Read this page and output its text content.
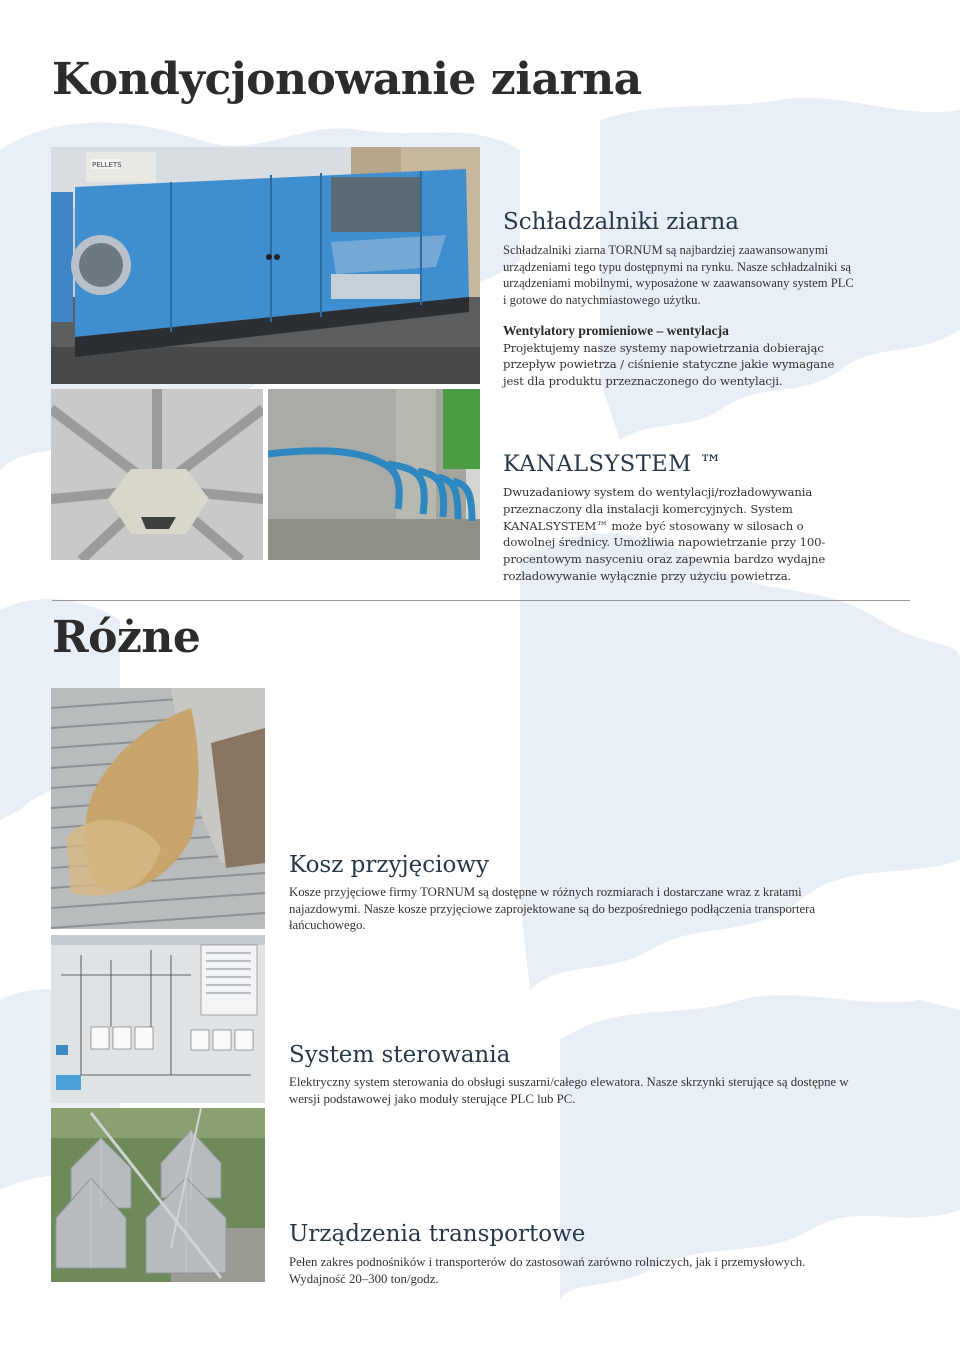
Kondycjonowanie ziarna
PELLETS
Schładzalniki ziarna

Schładzalniki ziarna TORNUM są najbardziej zaawansowanymi urządzeniami tego typu dostępnymi na rynku. Nasze schładzalniki są urządzeniami mobilnymi, wyposażone w zaawansowany system PLC i gotowe do natychmiastowego użytku.

Wentylatory promieniowe – wentylacja

Projektujemy nasze systemy napowietrzania dobierając przepływ powietrza / ciśnienie statyczne jakie wymagane jest dla produktu przeznaczonego do wentylacji.

KANALSYSTEM ™

Dwuzadaniowy system do wentylacji/rozładowywania przeznaczony dla instalacji komercyjnych. System KANALSYSTEM™ może być stosowany w silosach o dowolnej średnicy. Umożliwia napowietrzanie przy 100-procentowym nasyceniu oraz zapewnia bardzo wydajne rozładowywanie wyłącznie przy użyciu powietrza.

Różne
Kosz przyjęciowy

Kosze przyjęciowe firmy TORNUM są dostępne w różnych rozmiarach i dostarczane wraz z kratami najazdowymi. Nasze kosze przyjęciowe zaprojektowane są do bezpośredniego podłączenia transportera łańcuchowego.

System sterowania

Elektryczny system sterowania do obsługi suszarni/całego elewatora. Nasze skrzynki sterujące są dostępne w wersji podstawowej jako moduły sterujące PLC lub PC.

Urządzenia transportowe

Pełen zakres podnośników i transporterów do zastosowań zarówno rolniczych, jak i przemysłowych. Wydajność 20–300 ton/godz.
